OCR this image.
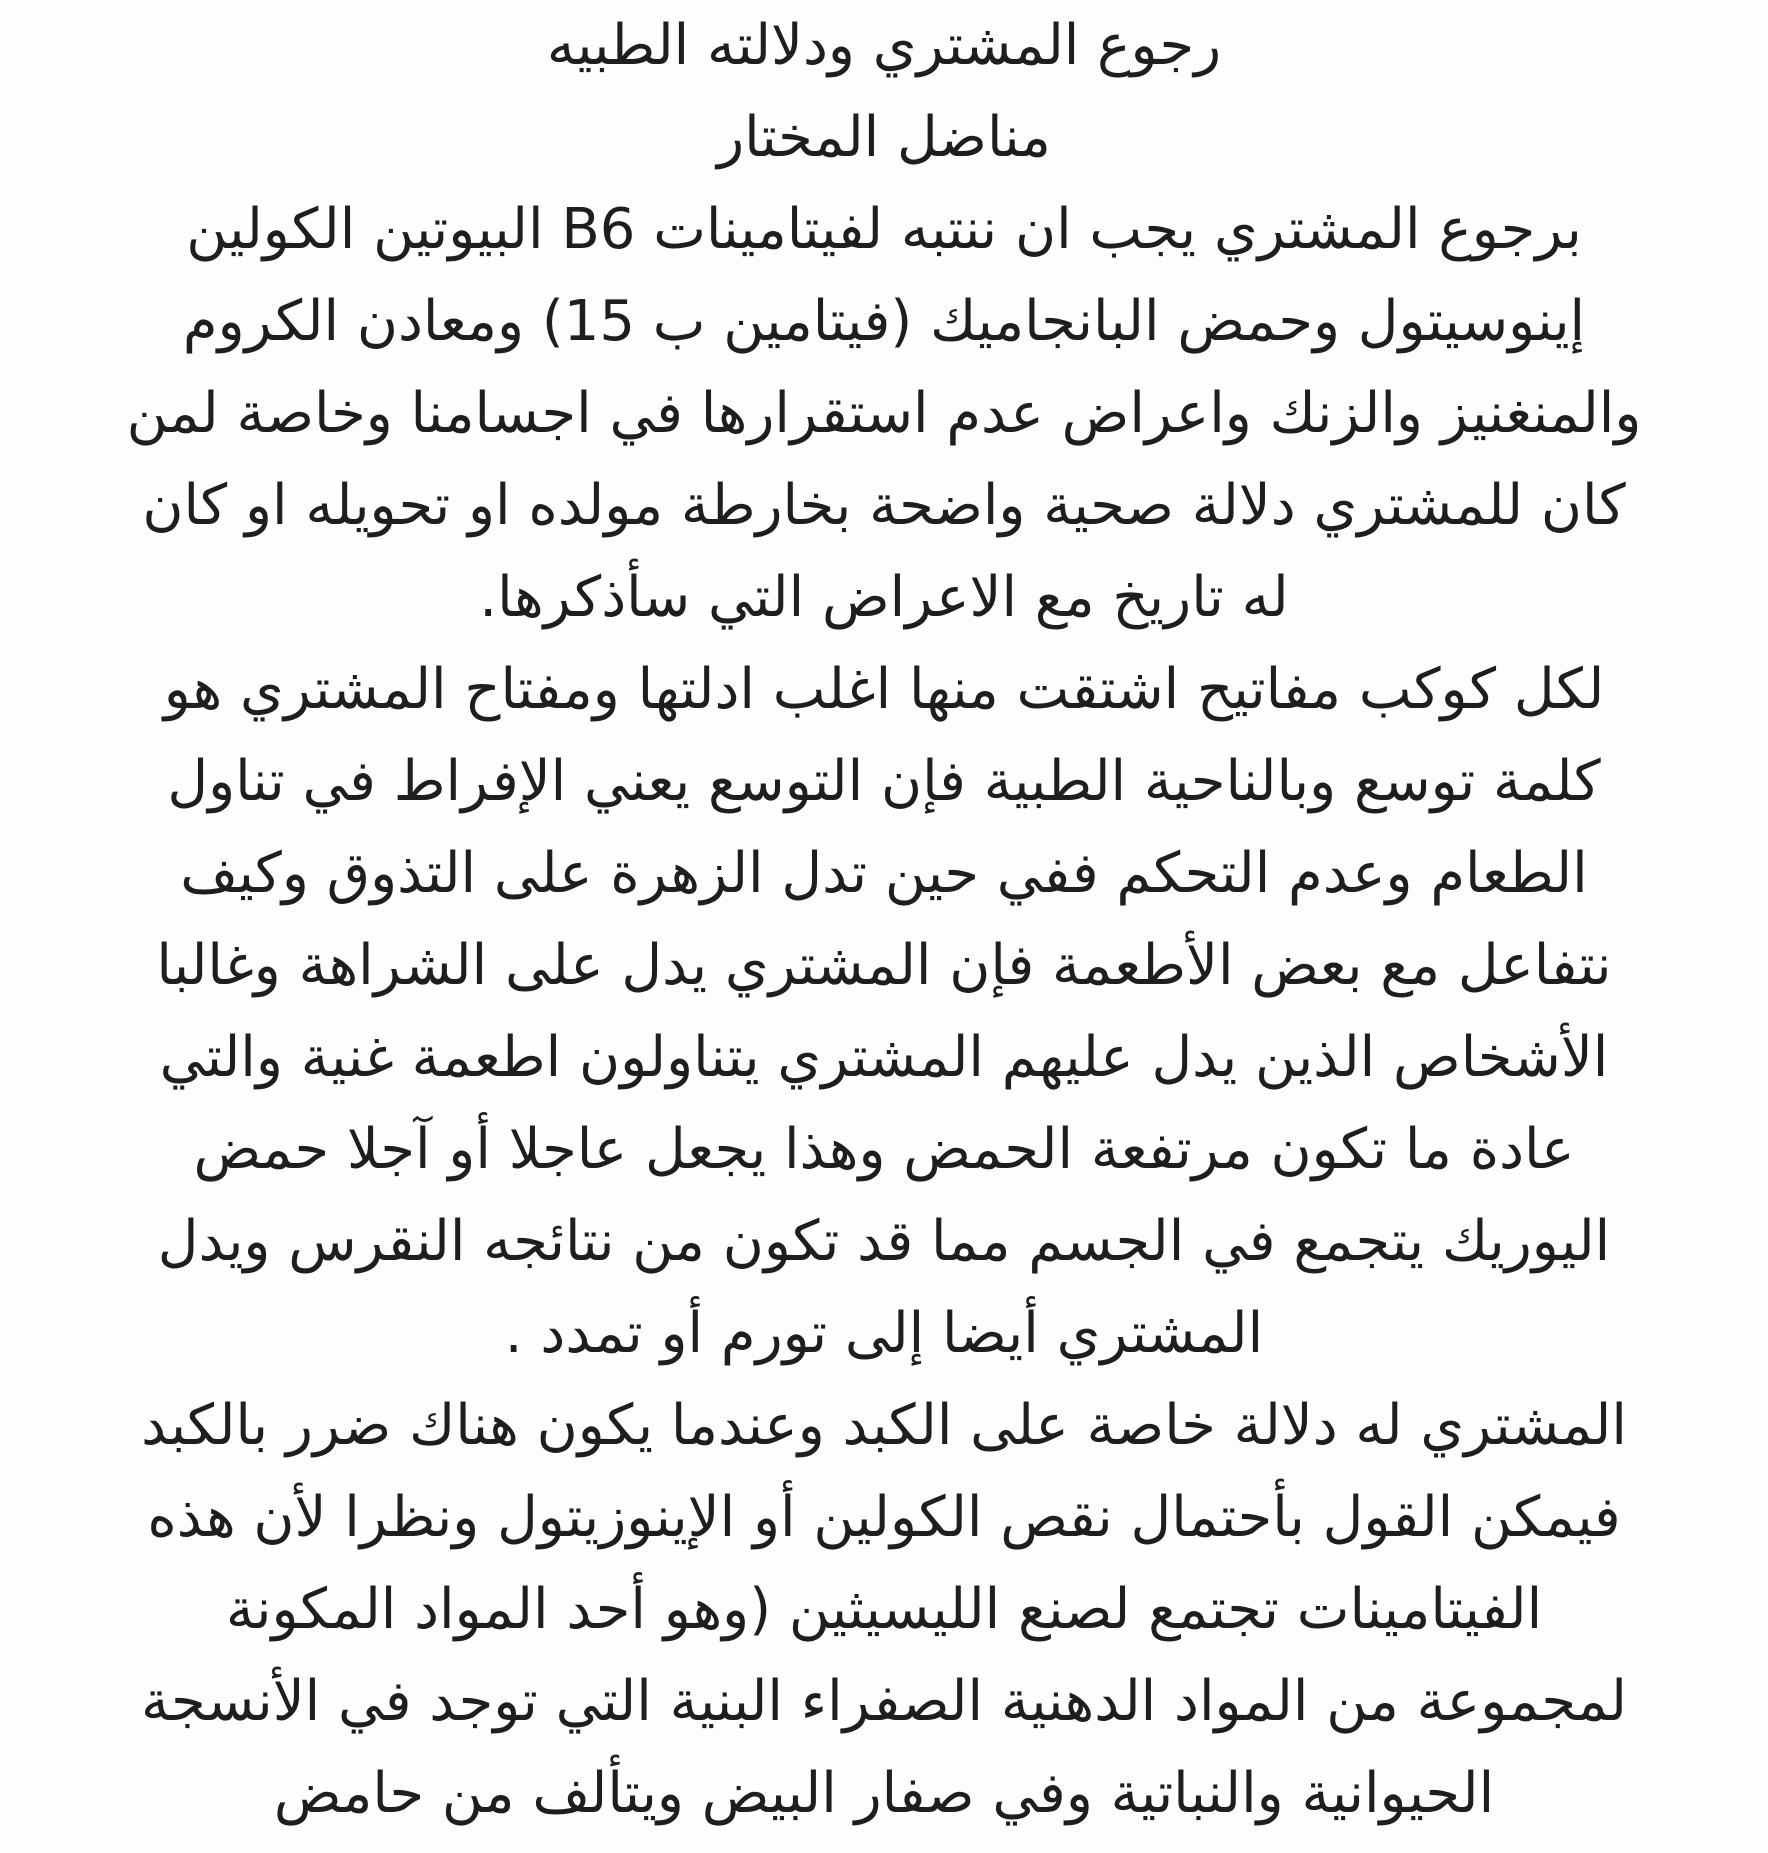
رجوع المشتري ودلالته الطبيه
مناضل المختار
برجوع المشتري يجب ان ننتبه لفيتامينات B6 البيوتين الكولين
إينوسيتول وحمض البانجاميك (فيتامين ب 15) ومعادن الكروم
والمنغنيز والزنك واعراض عدم استقرارها في اجسامنا وخاصة لمن
كان للمشتري دلالة صحية واضحة بخارطة مولده او تحويله او كان
له تاريخ مع الاعراض التي سأذكرها.
لكل كوكب مفاتيح اشتقت منها اغلب ادلتها ومفتاح المشتري هو
كلمة توسع وبالناحية الطبية فإن التوسع يعني الإفراط في تناول
الطعام وعدم التحكم ففي حين تدل الزهرة على التذوق وكيف
نتفاعل مع بعض الأطعمة فإن المشتري يدل على الشراهة وغالبا
الأشخاص الذين يدل عليهم المشتري يتناولون اطعمة غنية والتي
عادة ما تكون مرتفعة الحمض وهذا يجعل عاجلا أو آجلا حمض
اليوريك يتجمع في الجسم مما قد تكون من نتائجه النقرس ويدل
المشتري أيضا إلى تورم أو تمدد .
المشتري له دلالة خاصة على الكبد وعندما يكون هناك ضرر بالكبد
فيمكن القول بأحتمال نقص الكولين أو الإينوزيتول ونظرا لأن هذه
الفيتامينات تجتمع لصنع الليسيثين (وهو أحد المواد المكونة
لمجموعة من المواد الدهنية الصفراء البنية التي توجد في الأنسجة
الحيوانية والنباتية وفي صفار البيض ويتألف من حامض
